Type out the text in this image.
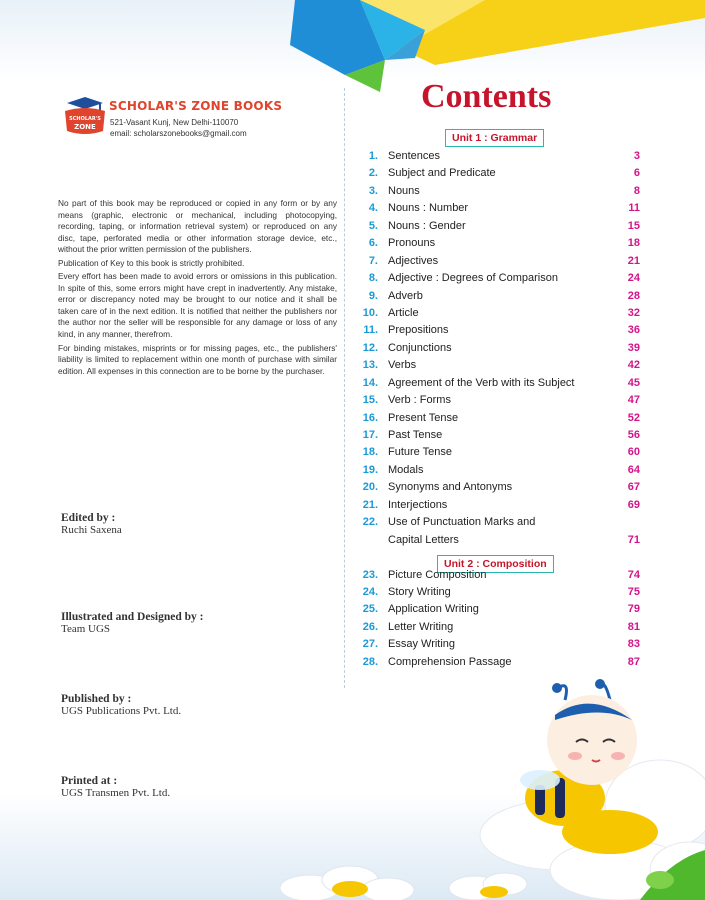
SCHOLAR'S
ZONE
SCHOLAR'S ZONE BOOKS
521-Vasant Kunj, New Delhi-110070
email: scholarszonebooks@gmail.com

No part of this book may be reproduced or copied in any form or by any means (graphic, electronic or mechanical, including photocopying, recording, taping, or information retrieval system) or reproduced on any disc, tape, perforated media or other information storage device, etc., without the prior written permission of the publishers.

Publication of Key to this book is strictly prohibited.

Every effort has been made to avoid errors or omissions in this publication. In spite of this, some errors might have crept in inadvertently. Any mistake, error or discrepancy noted may be brought to our notice and it shall be taken care of in the next edition. It is notified that neither the publishers nor the author nor the seller will be responsible for any damage or loss of any kind, in any manner, therefrom.

For binding mistakes, misprints or for missing pages, etc., the publishers' liability is limited to replacement within one month of purchase with similar edition. All expenses in this connection are to be borne by the purchaser.

Edited by :
Ruchi Saxena
Illustrated and Designed by :
Team UGS
Published by :
UGS Publications Pvt. Ltd.
Printed at :
UGS Transmen Pvt. Ltd.
Contents
Unit 1 : Grammar
Unit 2 : Composition
1. Sentences	3
2. Subject and Predicate	6
3. Nouns	8
4. Nouns : Number	11
5. Nouns : Gender	15
6. Pronouns	18
7. Adjectives	21
8. Adjective : Degrees of Comparison	24
9. Adverb	28
10. Article	32
11. Prepositions	36
12. Conjunctions	39
13. Verbs	42
14. Agreement of the Verb with its Subject	45
15. Verb : Forms	47
16. Present Tense	52
17. Past Tense	56
18. Future Tense	60
19. Modals	64
20. Synonyms and Antonyms	67
21. Interjections	69
22. Use of Punctuation Marks and
Capital Letters	71
23. Picture Composition	74
24. Story Writing	75
25. Application Writing	79
26. Letter Writing	81
27. Essay Writing	83
28. Comprehension Passage	87
